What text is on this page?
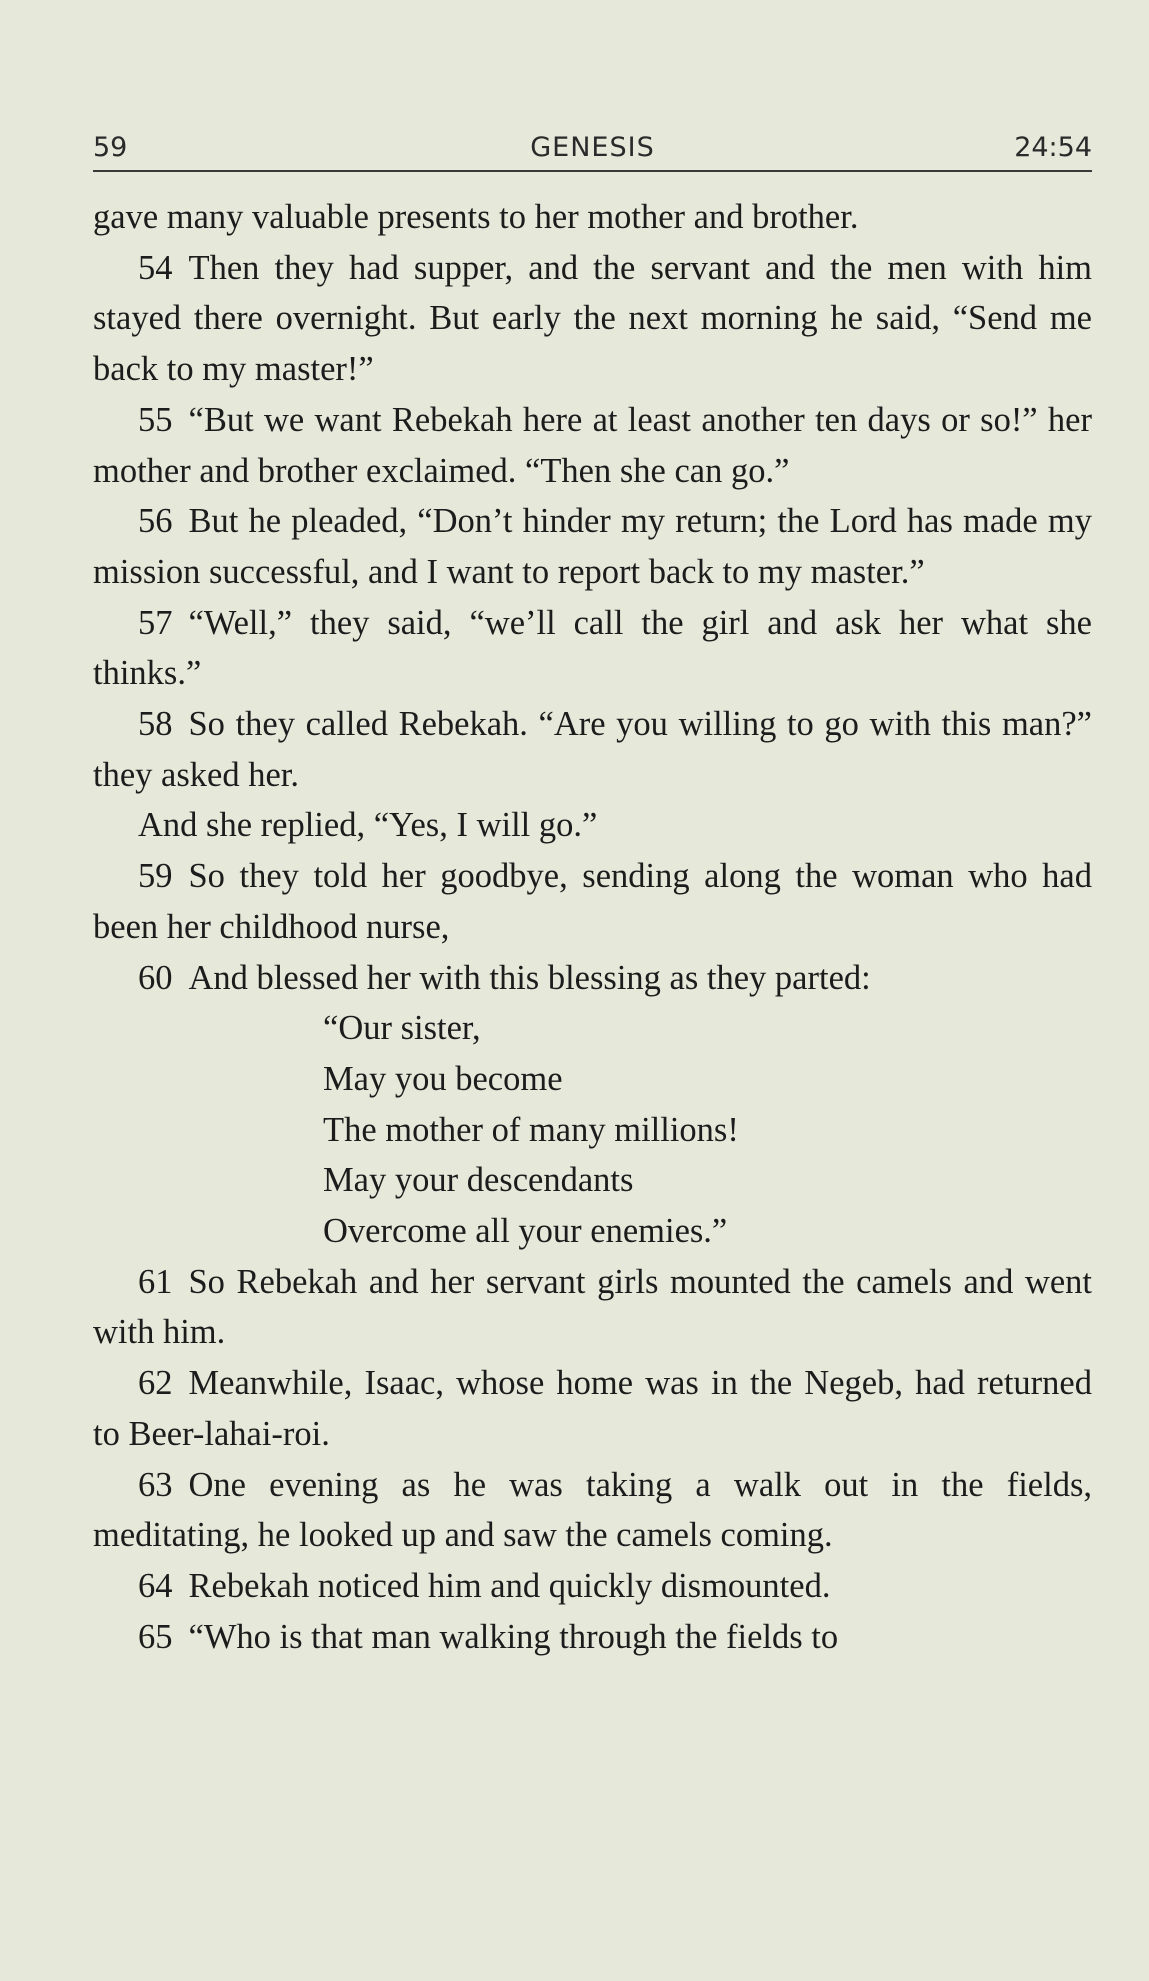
59	GENESIS	24:54

gave many valuable presents to her mother and brother.

54 Then they had supper, and the servant and the men with him stayed there overnight. But early the next morning he said, “Send me back to my master!”

55 “But we want Rebekah here at least another ten days or so!” her mother and brother exclaimed. “Then she can go.”

56 But he pleaded, “Don’t hinder my return; the Lord has made my mission successful, and I want to report back to my master.”

57 “Well,” they said, “we’ll call the girl and ask her what she thinks.”

58 So they called Rebekah. “Are you willing to go with this man?” they asked her.

And she replied, “Yes, I will go.”

59 So they told her goodbye, sending along the woman who had been her childhood nurse,

60 And blessed her with this blessing as they parted:

“Our sister,
May you become
The mother of many millions!
May your descendants
Overcome all your enemies.”

61 So Rebekah and her servant girls mounted the camels and went with him.

62 Meanwhile, Isaac, whose home was in the Negeb, had returned to Beer-lahai-roi.

63 One evening as he was taking a walk out in the fields, meditating, he looked up and saw the camels coming.

64 Rebekah noticed him and quickly dismounted.

65 “Who is that man walking through the fields to
